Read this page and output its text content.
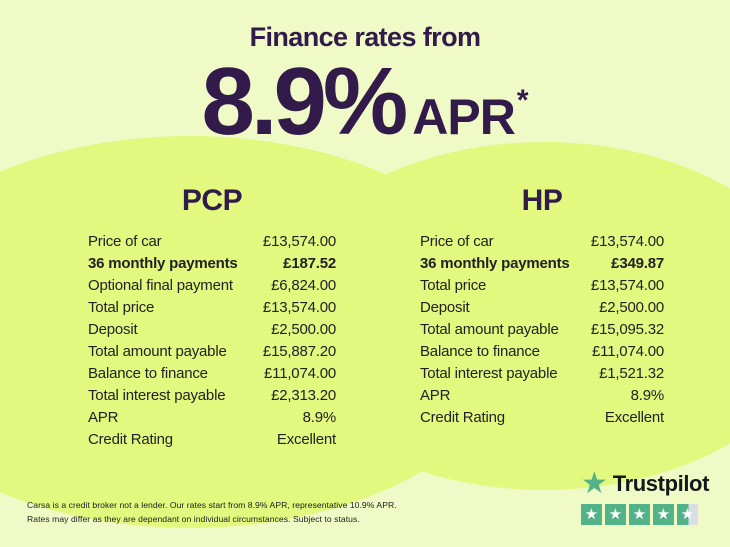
Finance rates from
8.9% APR *
PCP
Price of car	£13,574.00
36 monthly payments	£187.52
Optional final payment	£6,824.00
Total price	£13,574.00
Deposit	£2,500.00
Total amount payable £15,887.20
Balance to finance	£11,074.00
Total interest payable	£2,313.20
APR	8.9%
Credit Rating	Excellent
HP
Price of car	£13,574.00
36 monthly payments	£349.87
Total price	£13,574.00
Deposit	£2,500.00
Total amount payable £15,095.32
Balance to finance	£11,074.00
Total interest payable	£1,521.32
APR	8.9%
Credit Rating	Excellent
Carsa is a credit broker not a lender. Our rates start from 8.9% APR, representative 10.9% APR.
Rates may differ as they are dependant on individual circumstances. Subject to status.
★ Trustpilot
★ ★ ★ ★ ★
